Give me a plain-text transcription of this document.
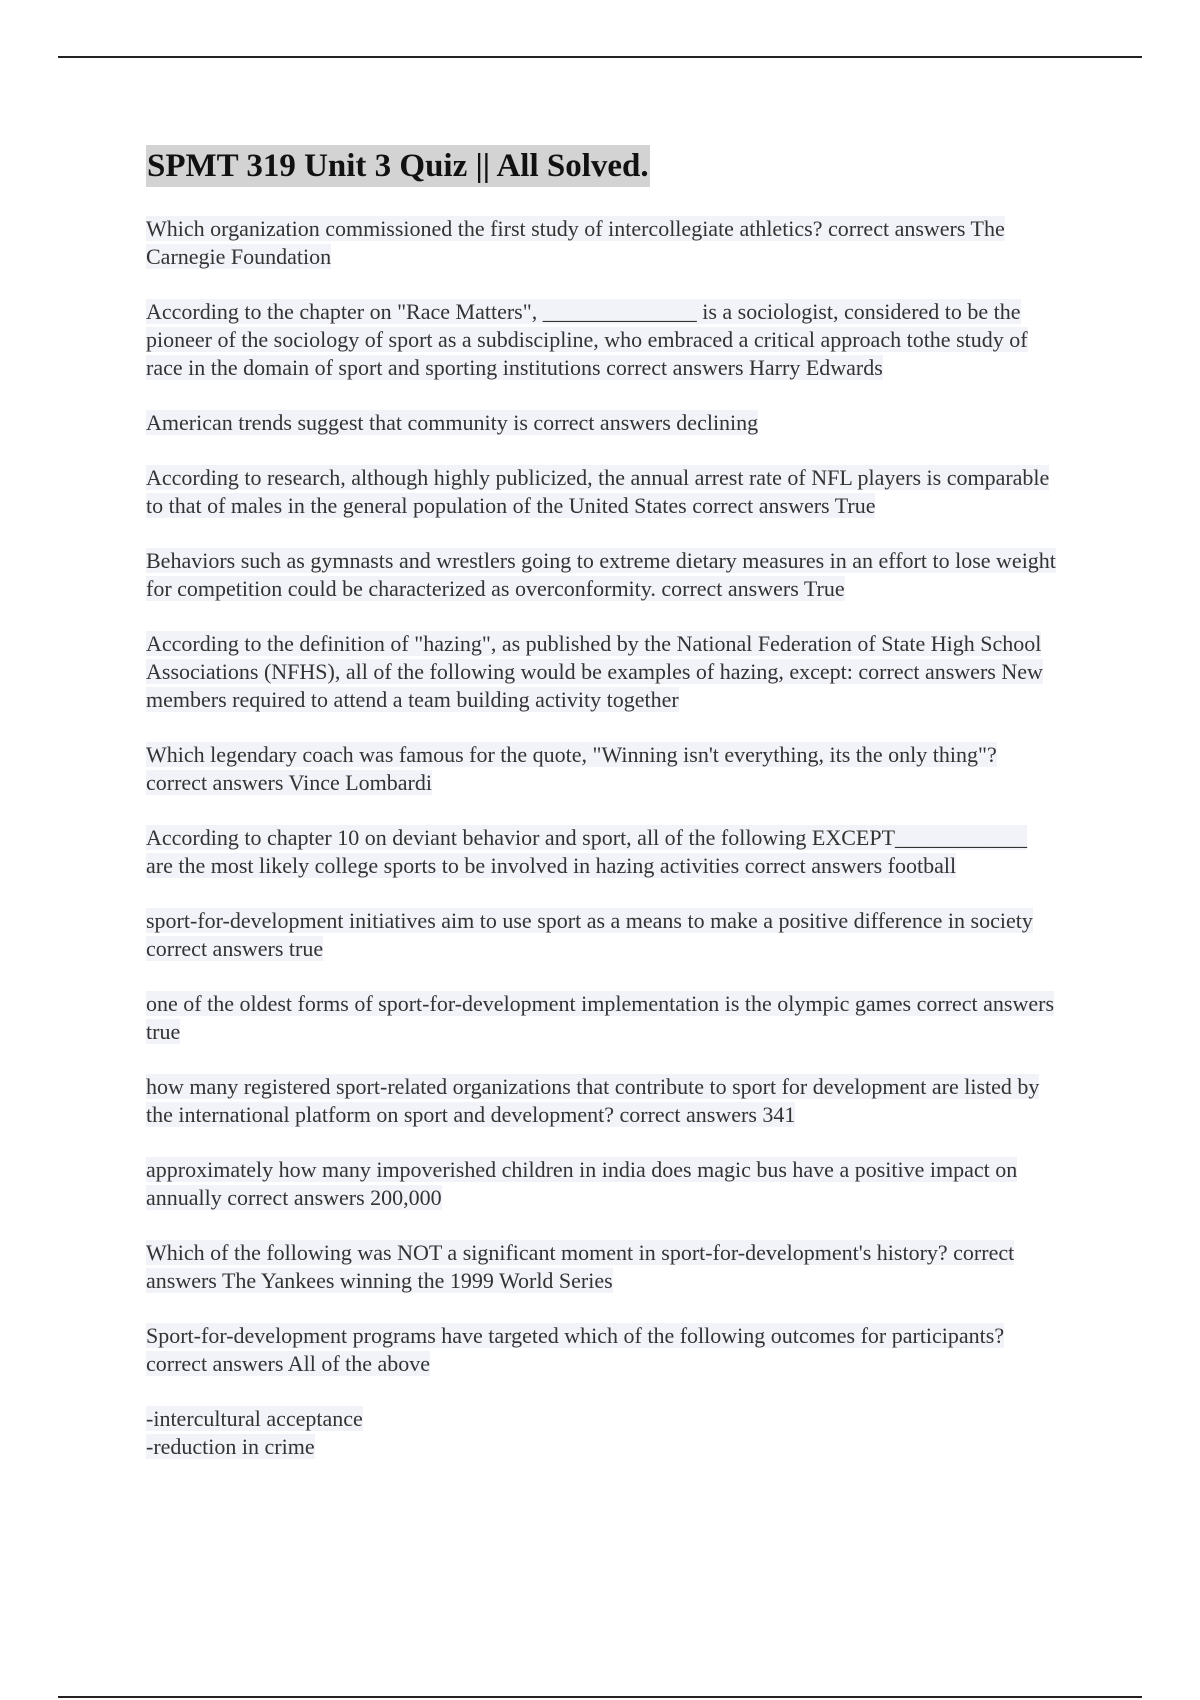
SPMT 319 Unit 3 Quiz || All Solved.
Which organization commissioned the first study of intercollegiate athletics? correct answers The Carnegie Foundation
According to the chapter on "Race Matters", ______________ is a sociologist, considered to be the pioneer of the sociology of sport as a subdiscipline, who embraced a critical approach tothe study of race in the domain of sport and sporting institutions correct answers Harry Edwards
American trends suggest that community is correct answers declining
According to research, although highly publicized, the annual arrest rate of NFL players is comparable to that of males in the general population of the United States correct answers True
Behaviors such as gymnasts and wrestlers going to extreme dietary measures in an effort to lose weight for competition could be characterized as overconformity. correct answers True
According to the definition of "hazing", as published by the National Federation of State High School Associations (NFHS), all of the following would be examples of hazing, except: correct answers New members required to attend a team building activity together
Which legendary coach was famous for the quote, "Winning isn't everything, its the only thing"? correct answers Vince Lombardi
According to chapter 10 on deviant behavior and sport, all of the following EXCEPT____________ are the most likely college sports to be involved in hazing activities correct answers football
sport-for-development initiatives aim to use sport as a means to make a positive difference in society correct answers true
one of the oldest forms of sport-for-development implementation is the olympic games correct answers true
how many registered sport-related organizations that contribute to sport for development are listed by the international platform on sport and development? correct answers 341
approximately how many impoverished children in india does magic bus have a positive impact on annually correct answers 200,000
Which of the following was NOT a significant moment in sport-for-development's history? correct answers The Yankees winning the 1999 World Series
Sport-for-development programs have targeted which of the following outcomes for participants? correct answers All of the above

-intercultural acceptance

-reduction in crime
